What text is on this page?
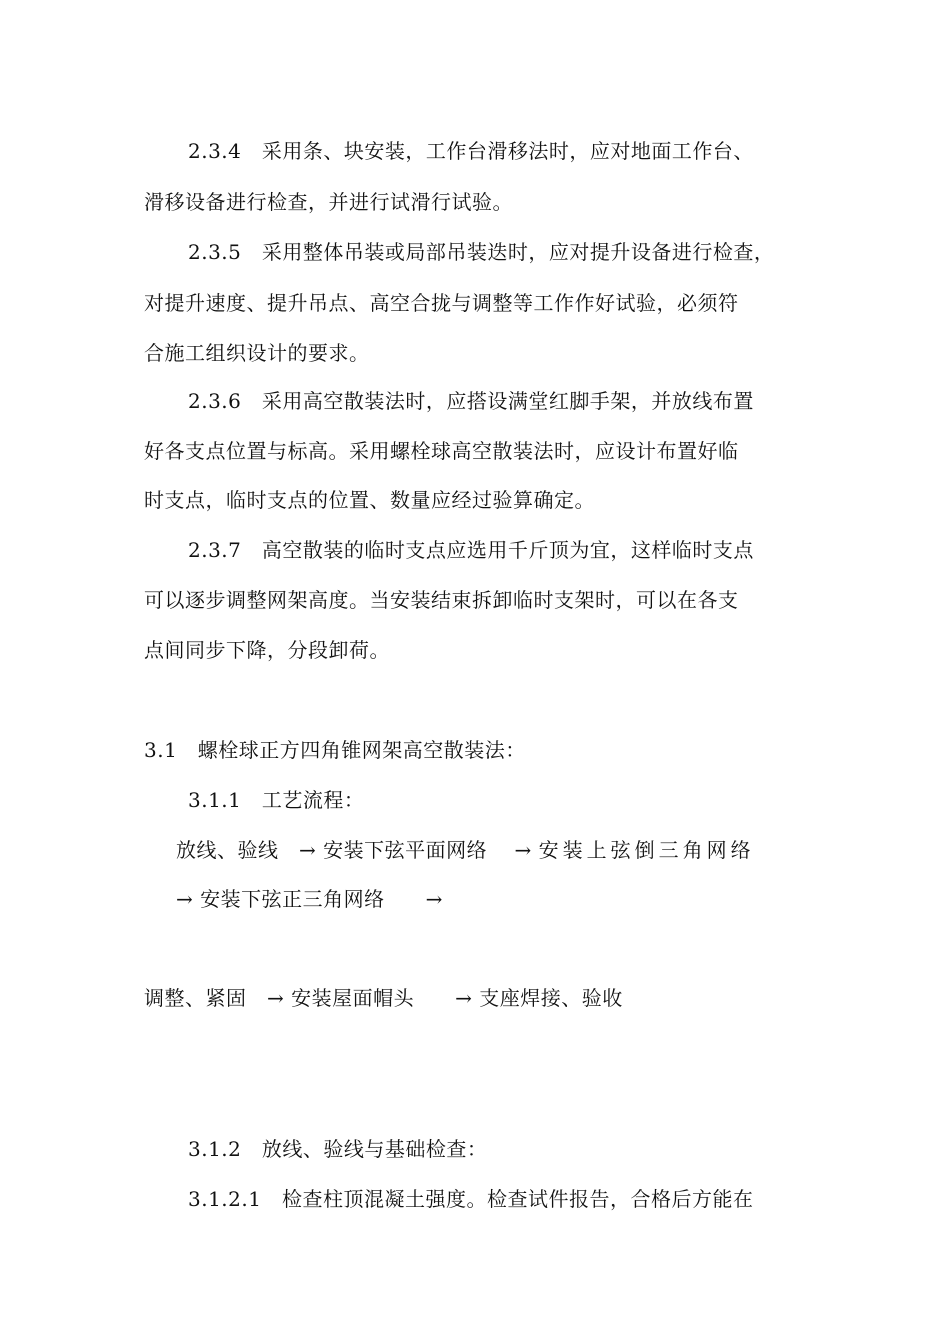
2.3.4　采用条、块安装，工作台滑移法时，应对地面工作台、
滑移设备进行检查，并进行试滑行试验。
2.3.5　采用整体吊装或局部吊装迭时，应对提升设备进行检查，
对提升速度、提升吊点、高空合拢与调整等工作作好试验，必须符
合施工组织设计的要求。
2.3.6　采用高空散装法时，应搭设满堂红脚手架，并放线布置
好各支点位置与标高。采用螺栓球高空散装法时，应设计布置好临
时支点，临时支点的位置、数量应经过验算确定。
2.3.7　高空散装的临时支点应选用千斤顶为宜，这样临时支点
可以逐步调整网架高度。当安装结束拆卸临时支架时，可以在各支
点间同步下降，分段卸荷。
3.1　螺栓球正方四角锥网架高空散装法：
3.1.1　工艺流程：
放线、验线　→ 安装下弦平面网络　 → 安装上弦倒三角网络
→ 安装下弦正三角网络　　→
调整、紧固　→ 安装屋面帽头　　→ 支座焊接、验收
3.1.2　放线、验线与基础检查：
3.1.2.1　检查柱顶混凝土强度。检查试件报告，合格后方能在
